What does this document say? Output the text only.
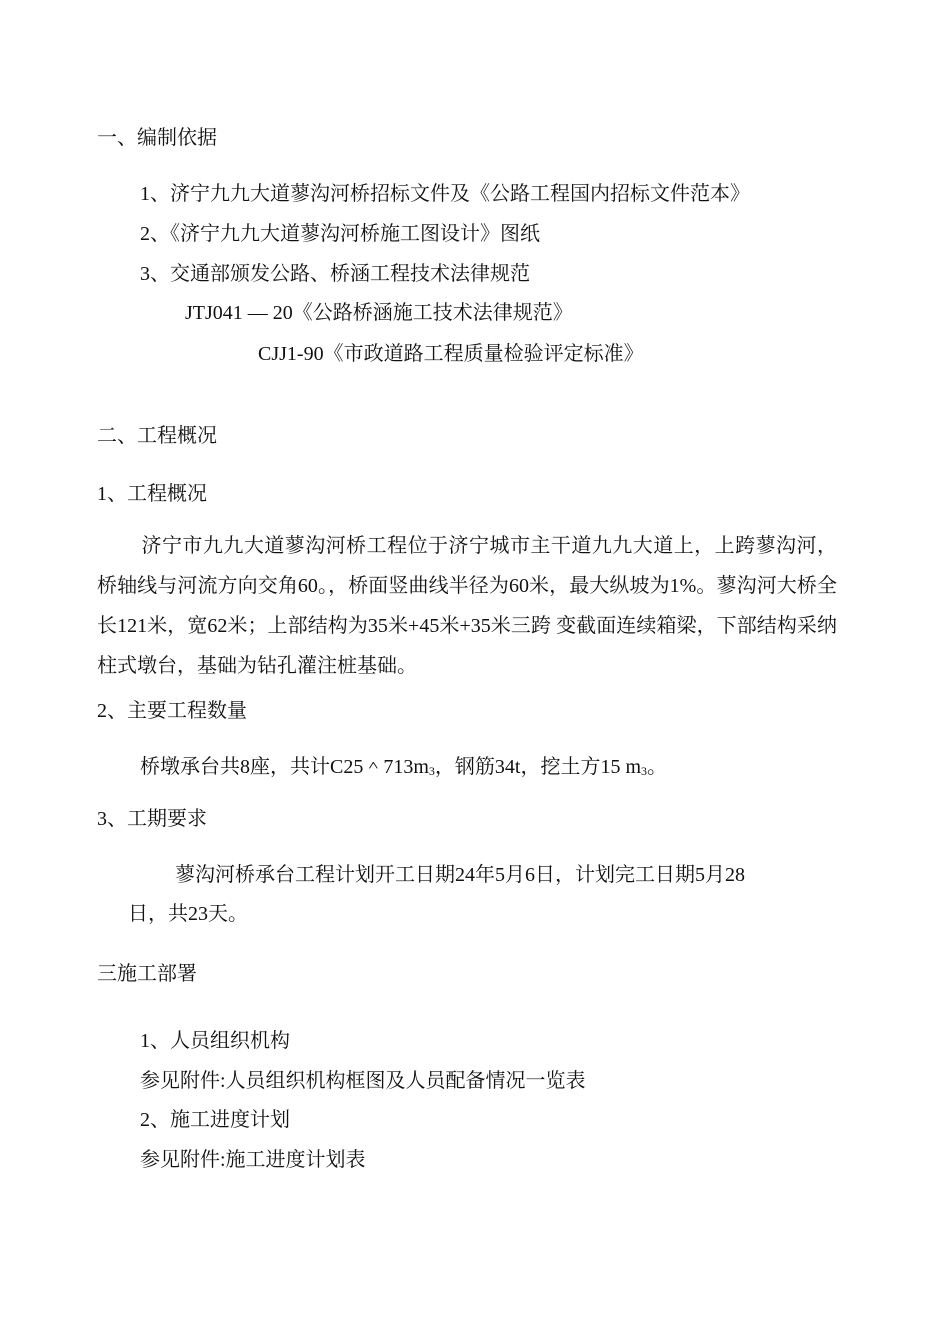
一、编制依据
1、济宁九九大道蓼沟河桥招标文件及《公路工程国内招标文件范本》
2、《济宁九九大道蓼沟河桥施工图设计》图纸
3、交通部颁发公路、桥涵工程技术法律规范
JTJ041 — 20《公路桥涵施工技术法律规范》
CJJ1-90《市政道路工程质量检验评定标准》
二、工程概况
1、工程概况
济宁市九九大道蓼沟河桥工程位于济宁城市主干道九九大道上，上跨蓼沟河，桥轴线与河流方向交角60。，桥面竖曲线半径为60米，最大纵坡为1%。蓼沟河大桥全长121米，宽62米；上部结构为35米+45米+35米三跨 变截面连续箱梁，下部结构采纳柱式墩台，基础为钻孔灌注桩基础。
2、主要工程数量
桥墩承台共8座，共计$C25\^{}713m_3$，钢筋34t，挖土方15 $m_3$。
3、工期要求
蓼沟河桥承台工程计划开工日期24年5月6日，计划完工日期5月28
日，共23天。
三施工部署
1、人员组织机构
参见附件:人员组织机构框图及人员配备情况一览表
2、施工进度计划
参见附件:施工进度计划表
